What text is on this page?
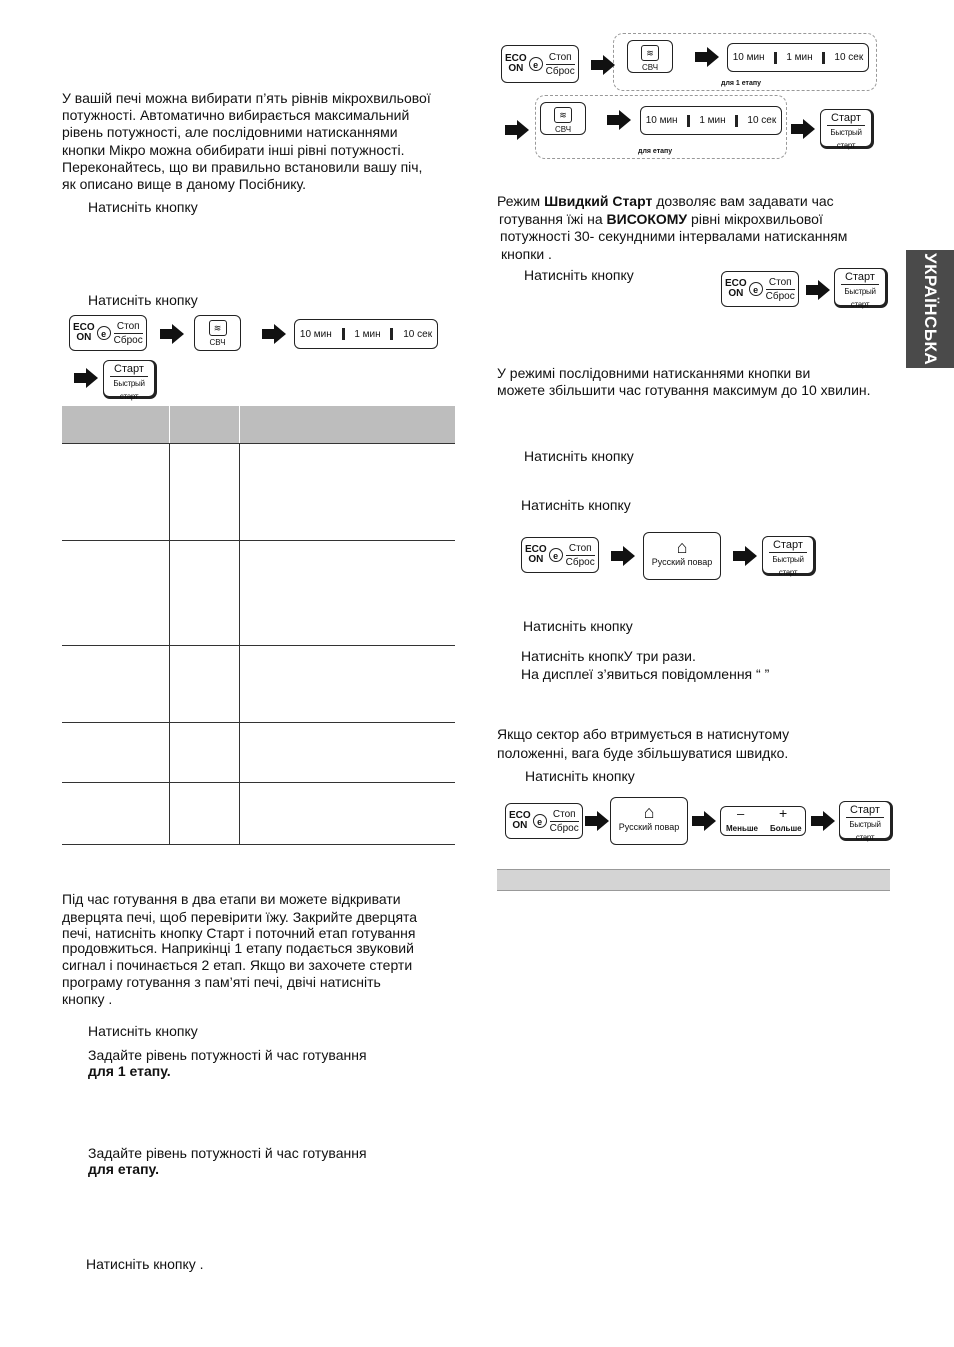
УКРАЇНСЬКА
У вашій печі можна вибирати п’ять рівнів мікрохвильової
потужності. Автоматично вибирається максимальний
рівень потужності, але послідовними натисканнями
кнопки Мікро можна обибирати інші рівні потужності.
Переконайтесь, що ви правильно встановили вашу піч,
як описано вище в даному Посібнику.
Натисніть кнопку
Натисніть кнопку
ECO
ON	e
Стоп
Сброс
≋
СВЧ
10 мин 1 мин 10 сек
Старт
Быстрый старт

Під час готування в два етапи ви можете відкривати
дверцята печі, щоб перевірити їжу. Закрийте дверцята
печі, натисніть кнопку Старт і поточний етап готування
продовжиться. Наприкінці 1 етапу подається звуковий
сигнал і починається 2 етап. Якщо ви захочете стерти
програму готування з пам’яті печі, двічі натисніть
кнопку .
Натисніть кнопку
Задайте рівень потужності й час готування
для 1 етапу.
Задайте рівень потужності й час готування
для етапу.
Натисніть кнопку .
ECO
ON	e
Стоп
Сброс
≋
СВЧ
10 мин 1 мин 10 сек
для 1 етапу
≋
СВЧ
10 мин 1 мин 10 сек
для етапу
Старт
Быстрый старт
Режим Швидкий Старт дозволяє вам задавати час
готування їжі на ВИСОКОМУ рівні мікрохвильової
потужності 30- секундними інтервалами натисканням
кнопки .
Натисніть кнопку
ECO
ON	e
Стоп
Сброс
Старт
Быстрый старт
У режимі послідовними натисканнями кнопки ви
можете збільшити час готування максимум до 10 хвилин.
Натисніть кнопку
Натисніть кнопку
ECO
ON	e
Стоп
Сброс
⌂
Русский повар
Старт
Быстрый старт
Натисніть кнопку
Натисніть кнопкУ три рази.
На дисплеї з’явиться повідомлення “ ”
Якщо сектор або втримується в натиснутому
положенні, вага буде збільшуватися швидко.
Натисніть кнопку
ECO
ON	e
Стоп
Сброс
⌂
Русский повар
– +
Меньше Больше
Старт
Быстрый старт
